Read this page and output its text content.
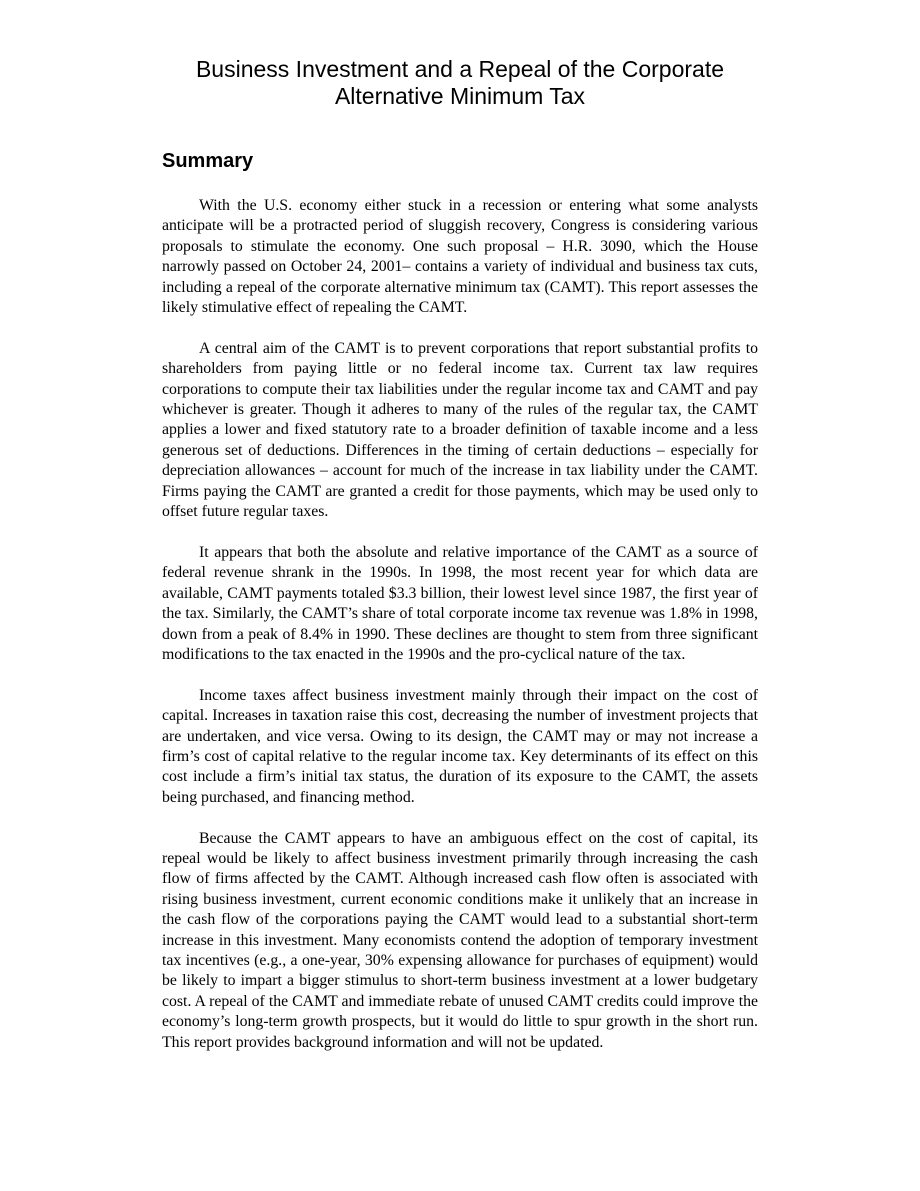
Business Investment and a Repeal of the Corporate
Alternative Minimum Tax
Summary

With the U.S. economy either stuck in a recession or entering what some analysts anticipate will be a protracted period of sluggish recovery, Congress is considering various proposals to stimulate the economy. One such proposal – H.R. 3090, which the House narrowly passed on October 24, 2001– contains a variety of individual and business tax cuts, including a repeal of the corporate alternative minimum tax (CAMT). This report assesses the likely stimulative effect of repealing the CAMT.

A central aim of the CAMT is to prevent corporations that report substantial profits to shareholders from paying little or no federal income tax. Current tax law requires corporations to compute their tax liabilities under the regular income tax and CAMT and pay whichever is greater. Though it adheres to many of the rules of the regular tax, the CAMT applies a lower and fixed statutory rate to a broader definition of taxable income and a less generous set of deductions. Differences in the timing of certain deductions – especially for depreciation allowances – account for much of the increase in tax liability under the CAMT. Firms paying the CAMT are granted a credit for those payments, which may be used only to offset future regular taxes.

It appears that both the absolute and relative importance of the CAMT as a source of federal revenue shrank in the 1990s. In 1998, the most recent year for which data are available, CAMT payments totaled $3.3 billion, their lowest level since 1987, the first year of the tax. Similarly, the CAMT’s share of total corporate income tax revenue was 1.8% in 1998, down from a peak of 8.4% in 1990. These declines are thought to stem from three significant modifications to the tax enacted in the 1990s and the pro-cyclical nature of the tax.

Income taxes affect business investment mainly through their impact on the cost of capital. Increases in taxation raise this cost, decreasing the number of investment projects that are undertaken, and vice versa. Owing to its design, the CAMT may or may not increase a firm’s cost of capital relative to the regular income tax. Key determinants of its effect on this cost include a firm’s initial tax status, the duration of its exposure to the CAMT, the assets being purchased, and financing method.

Because the CAMT appears to have an ambiguous effect on the cost of capital, its repeal would be likely to affect business investment primarily through increasing the cash flow of firms affected by the CAMT. Although increased cash flow often is associated with rising business investment, current economic conditions make it unlikely that an increase in the cash flow of the corporations paying the CAMT would lead to a substantial short-term increase in this investment. Many economists contend the adoption of temporary investment tax incentives (e.g., a one-year, 30% expensing allowance for purchases of equipment) would be likely to impart a bigger stimulus to short-term business investment at a lower budgetary cost. A repeal of the CAMT and immediate rebate of unused CAMT credits could improve the economy’s long-term growth prospects, but it would do little to spur growth in the short run. This report provides background information and will not be updated.
